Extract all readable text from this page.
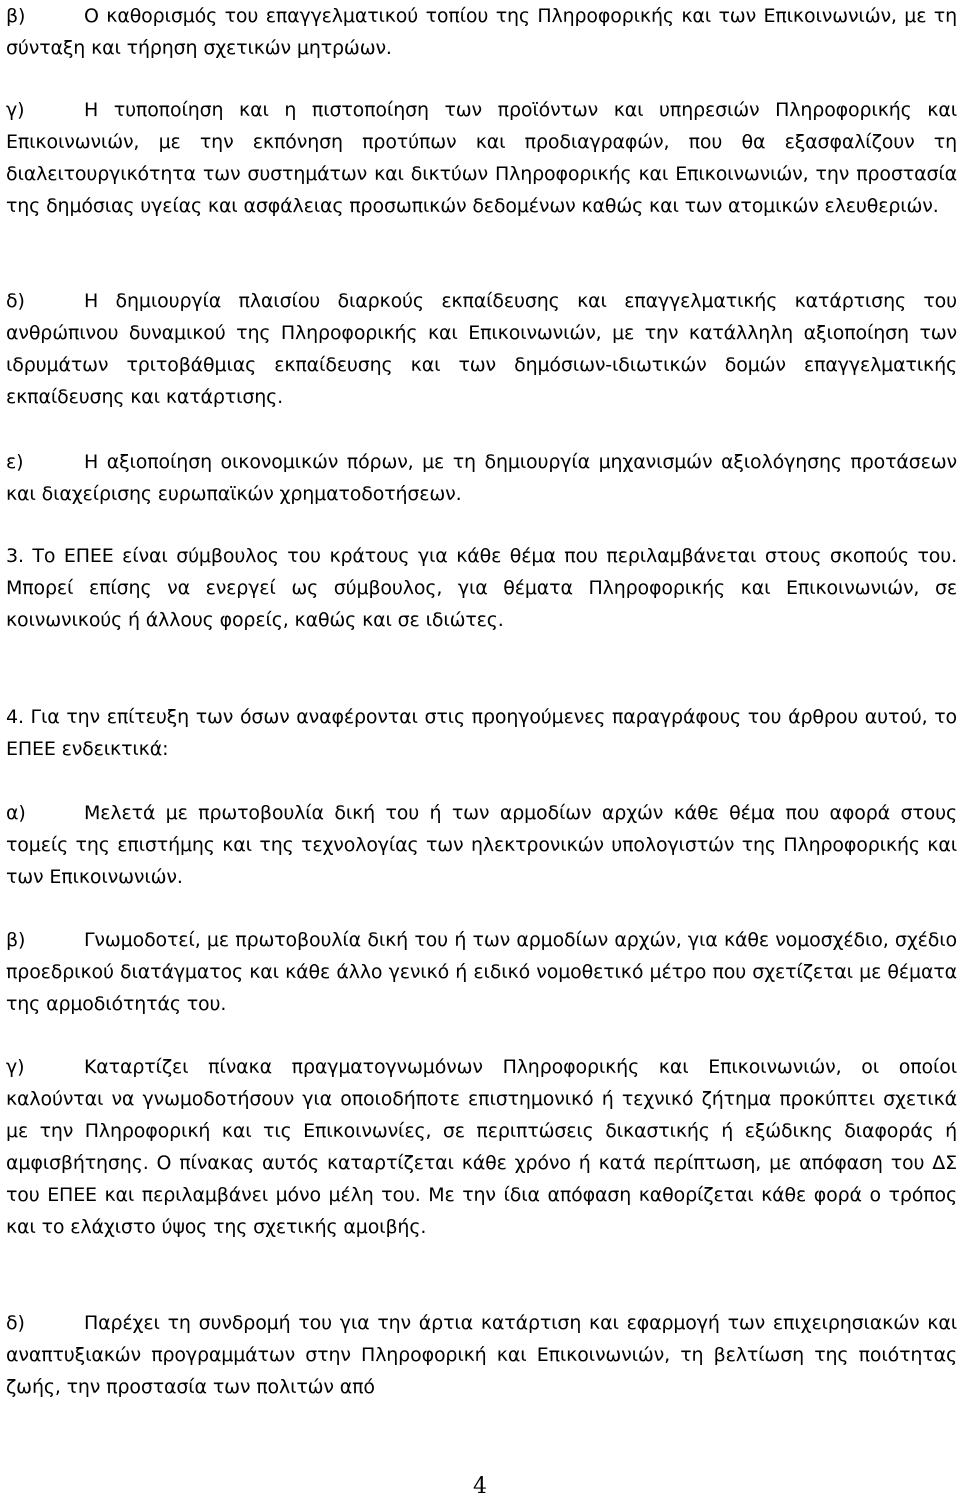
β)	Ο καθορισμός του επαγγελματικού τοπίου της Πληροφορικής και των Επικοινωνιών, με τη σύνταξη και τήρηση σχετικών μητρώων.

γ)	Η τυποποίηση και η πιστοποίηση των προϊόντων και υπηρεσιών Πληροφορικής και Επικοινωνιών, με την εκπόνηση προτύπων και προδιαγραφών, που θα εξασφαλίζουν τη διαλειτουργικότητα των συστημάτων και δικτύων Πληροφορικής και Επικοινωνιών, την προστασία της δημόσιας υγείας και ασφάλειας προσωπικών δεδομένων καθώς και των ατομικών ελευθεριών.

δ)	Η δημιουργία πλαισίου διαρκούς εκπαίδευσης και επαγγελματικής κατάρτισης του ανθρώπινου δυναμικού της Πληροφορικής και Επικοινωνιών, με την κατάλληλη αξιοποίηση των ιδρυμάτων τριτοβάθμιας εκπαίδευσης και των δημόσιων-ιδιωτικών δομών επαγγελματικής εκπαίδευσης και κατάρτισης.

ε)	Η αξιοποίηση οικονομικών πόρων, με τη δημιουργία μηχανισμών αξιολόγησης προτάσεων και διαχείρισης ευρωπαϊκών χρηματοδοτήσεων.

3. Το ΕΠΕΕ είναι σύμβουλος του κράτους για κάθε θέμα που περιλαμβάνεται στους σκοπούς του. Μπορεί επίσης να ενεργεί ως σύμβουλος, για θέματα Πληροφορικής και Επικοινωνιών, σε κοινωνικούς ή άλλους φορείς, καθώς και σε ιδιώτες.

4. Για την επίτευξη των όσων αναφέρονται στις προηγούμενες παραγράφους του άρθρου αυτού, το ΕΠΕΕ ενδεικτικά:

α)	Μελετά με πρωτοβουλία δική του ή των αρμοδίων αρχών κάθε θέμα που αφορά στους τομείς της επιστήμης και της τεχνολογίας των ηλεκτρονικών υπολογιστών της Πληροφορικής και των Επικοινωνιών.

β)	Γνωμοδοτεί, με πρωτοβουλία δική του ή των αρμοδίων αρχών, για κάθε νομοσχέδιο, σχέδιο προεδρικού διατάγματος και κάθε άλλο γενικό ή ειδικό νομοθετικό μέτρο που σχετίζεται με θέματα της αρμοδιότητάς του.

γ)	Καταρτίζει πίνακα πραγματογνωμόνων Πληροφορικής και Επικοινωνιών, οι οποίοι καλούνται να γνωμοδοτήσουν για οποιοδήποτε επιστημονικό ή τεχνικό ζήτημα προκύπτει σχετικά με την Πληροφορική και τις Επικοινωνίες, σε περιπτώσεις δικαστικής ή εξώδικης διαφοράς ή αμφισβήτησης. Ο πίνακας αυτός καταρτίζεται κάθε χρόνο ή κατά περίπτωση, με απόφαση του ΔΣ του ΕΠΕΕ και περιλαμβάνει μόνο μέλη του. Με την ίδια απόφαση καθορίζεται κάθε φορά ο τρόπος και το ελάχιστο ύψος της σχετικής αμοιβής.

δ)	Παρέχει τη συνδρομή του για την άρτια κατάρτιση και εφαρμογή των επιχειρησιακών και αναπτυξιακών προγραμμάτων στην Πληροφορική και Επικοινωνιών, τη βελτίωση της ποιότητας ζωής, την προστασία των πολιτών από

4
